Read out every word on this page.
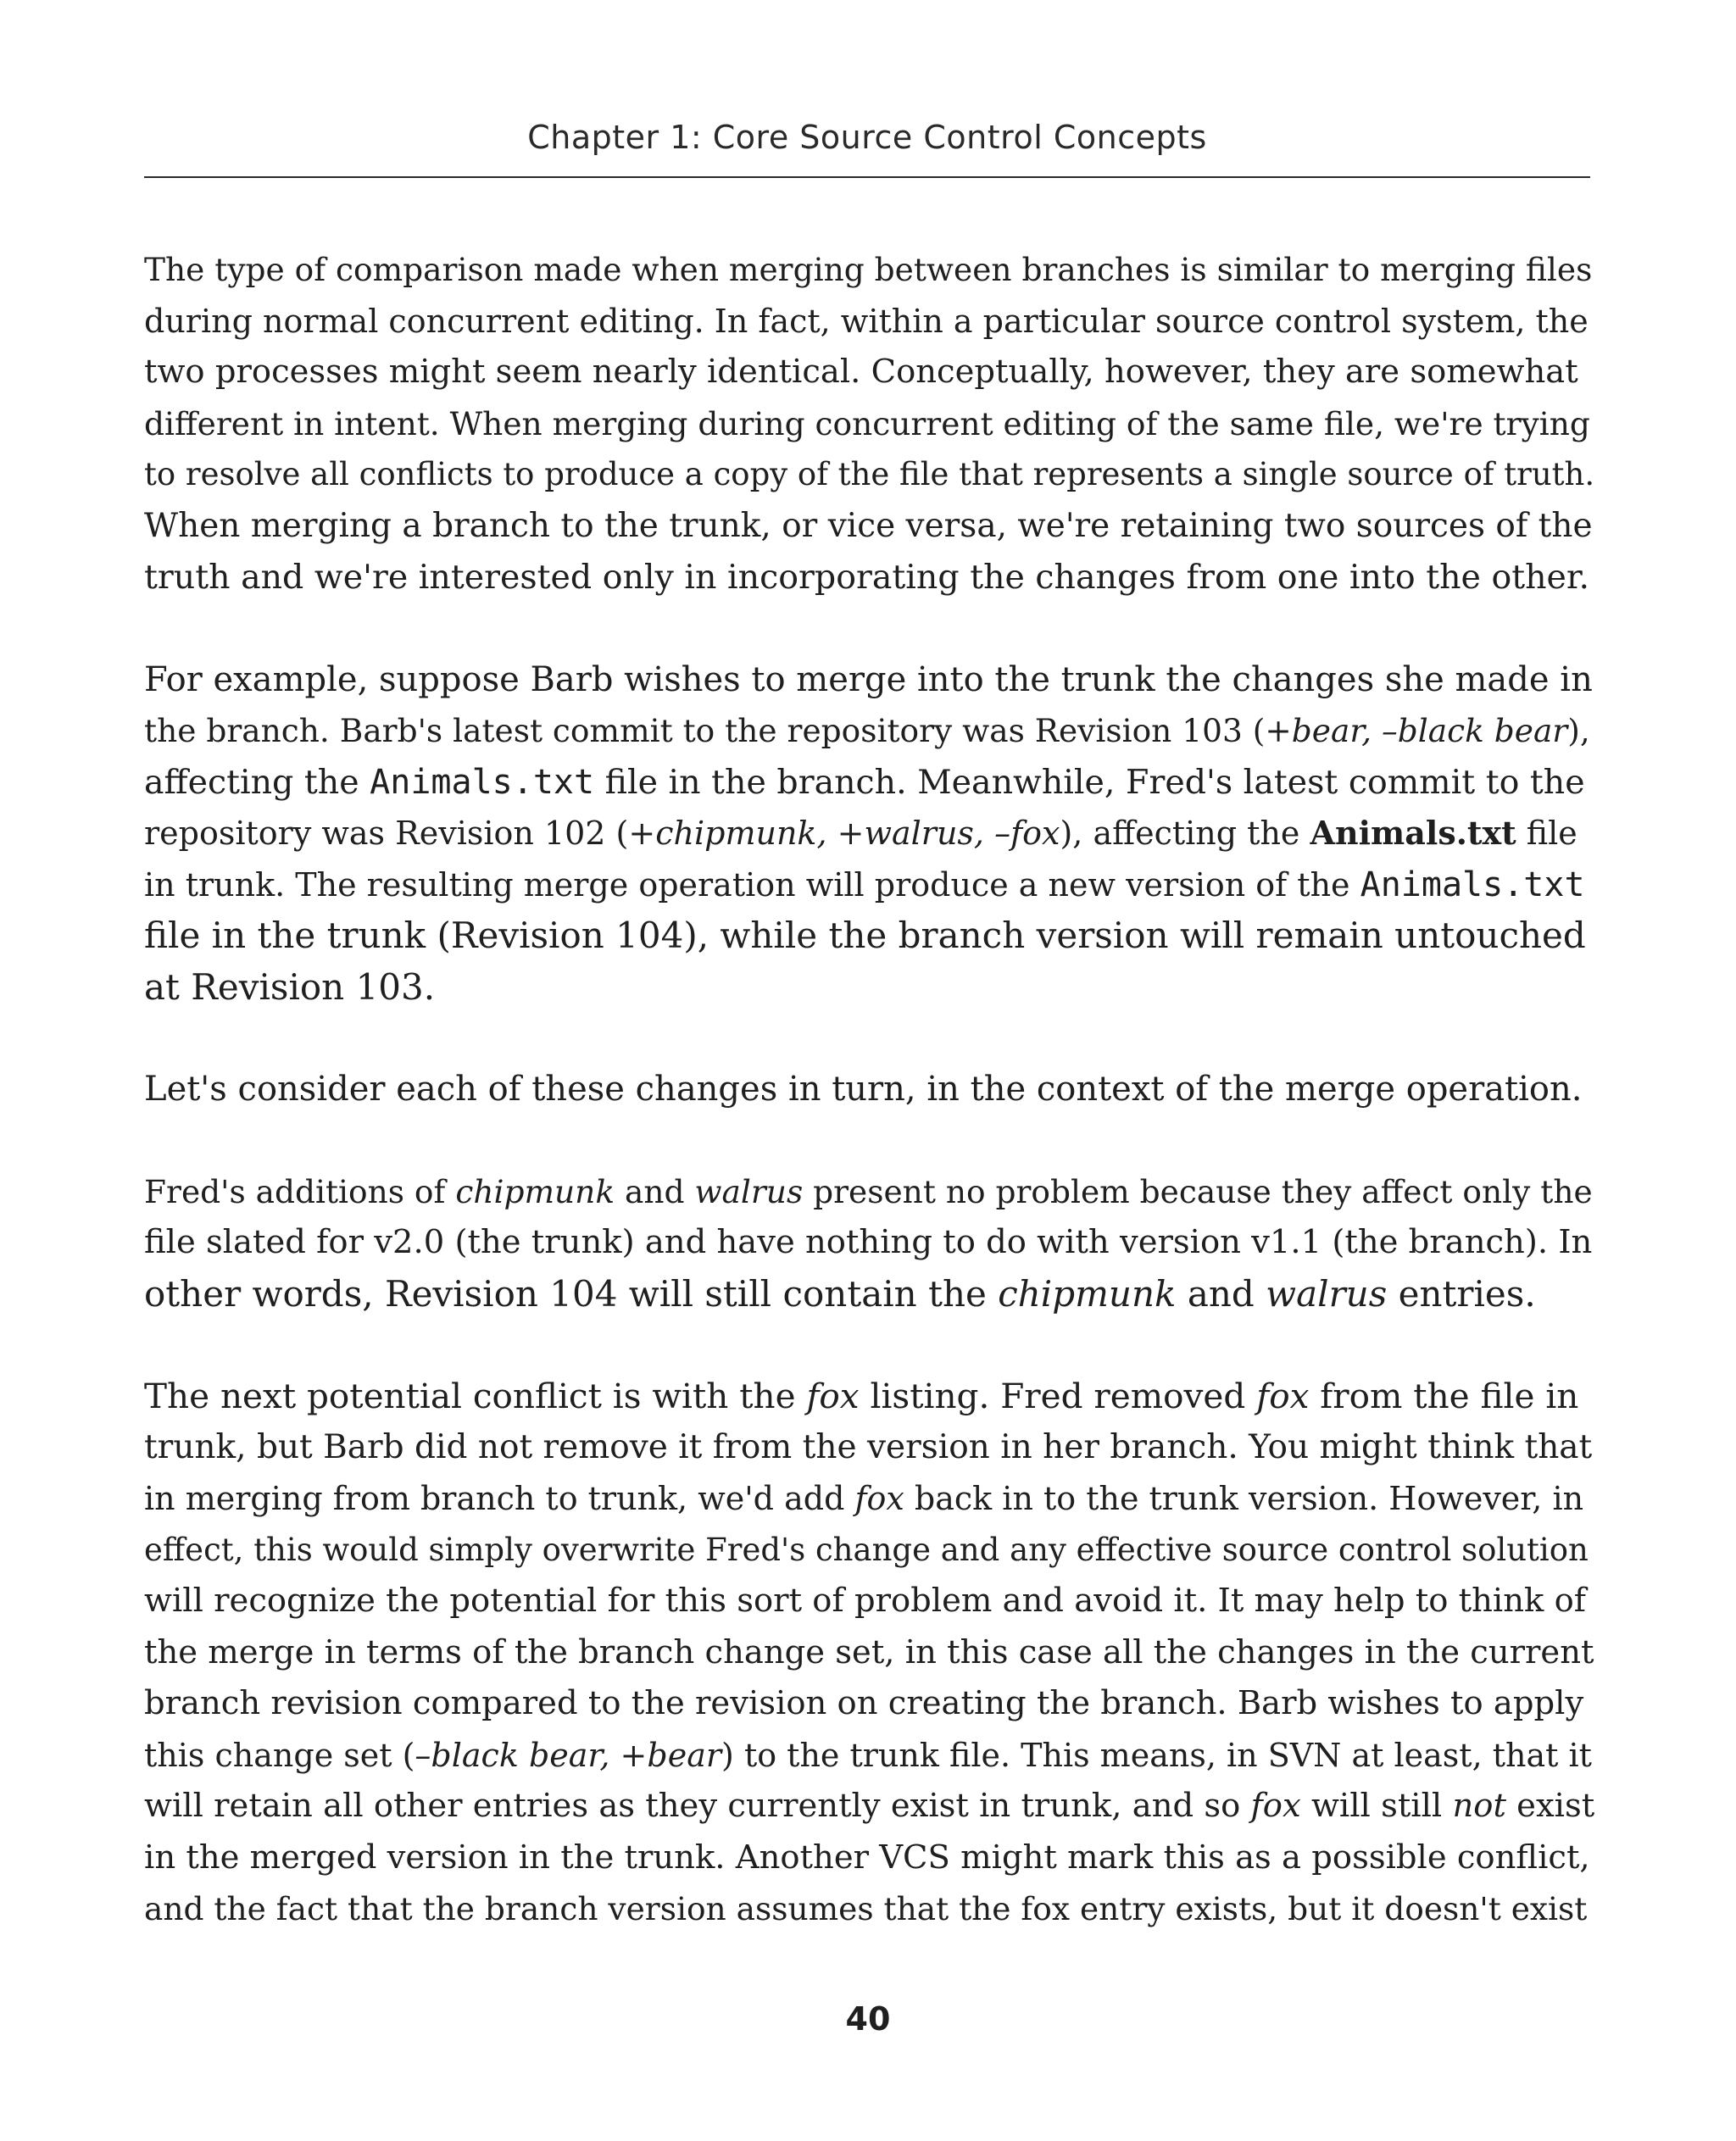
Chapter 1: Core Source Control Concepts

The type of comparison made when merging between branches is similar to merging files
during normal concurrent editing. In fact, within a particular source control system, the
two processes might seem nearly identical. Conceptually, however, they are somewhat
different in intent. When merging during concurrent editing of the same file, we're trying
to resolve all conflicts to produce a copy of the file that represents a single source of truth.
When merging a branch to the trunk, or vice versa, we're retaining two sources of the
truth and we're interested only in incorporating the changes from one into the other.

For example, suppose Barb wishes to merge into the trunk the changes she made in
the branch. Barb's latest commit to the repository was Revision 103 (+bear, –black bear),
affecting the Animals.txt file in the branch. Meanwhile, Fred's latest commit to the
repository was Revision 102 (+chipmunk, +walrus, –fox), affecting the Animals.txt file
in trunk. The resulting merge operation will produce a new version of the Animals.txt
file in the trunk (Revision 104), while the branch version will remain untouched
at Revision 103.

Let's consider each of these changes in turn, in the context of the merge operation.

Fred's additions of chipmunk and walrus present no problem because they affect only the
file slated for v2.0 (the trunk) and have nothing to do with version v1.1 (the branch). In
other words, Revision 104 will still contain the chipmunk and walrus entries.

The next potential conflict is with the fox listing. Fred removed fox from the file in
trunk, but Barb did not remove it from the version in her branch. You might think that
in merging from branch to trunk, we'd add fox back in to the trunk version. However, in
effect, this would simply overwrite Fred's change and any effective source control solution
will recognize the potential for this sort of problem and avoid it. It may help to think of
the merge in terms of the branch change set, in this case all the changes in the current
branch revision compared to the revision on creating the branch. Barb wishes to apply
this change set (–black bear, +bear) to the trunk file. This means, in SVN at least, that it
will retain all other entries as they currently exist in trunk, and so fox will still not exist
in the merged version in the trunk. Another VCS might mark this as a possible conflict,
and the fact that the branch version assumes that the fox entry exists, but it doesn't exist

40
